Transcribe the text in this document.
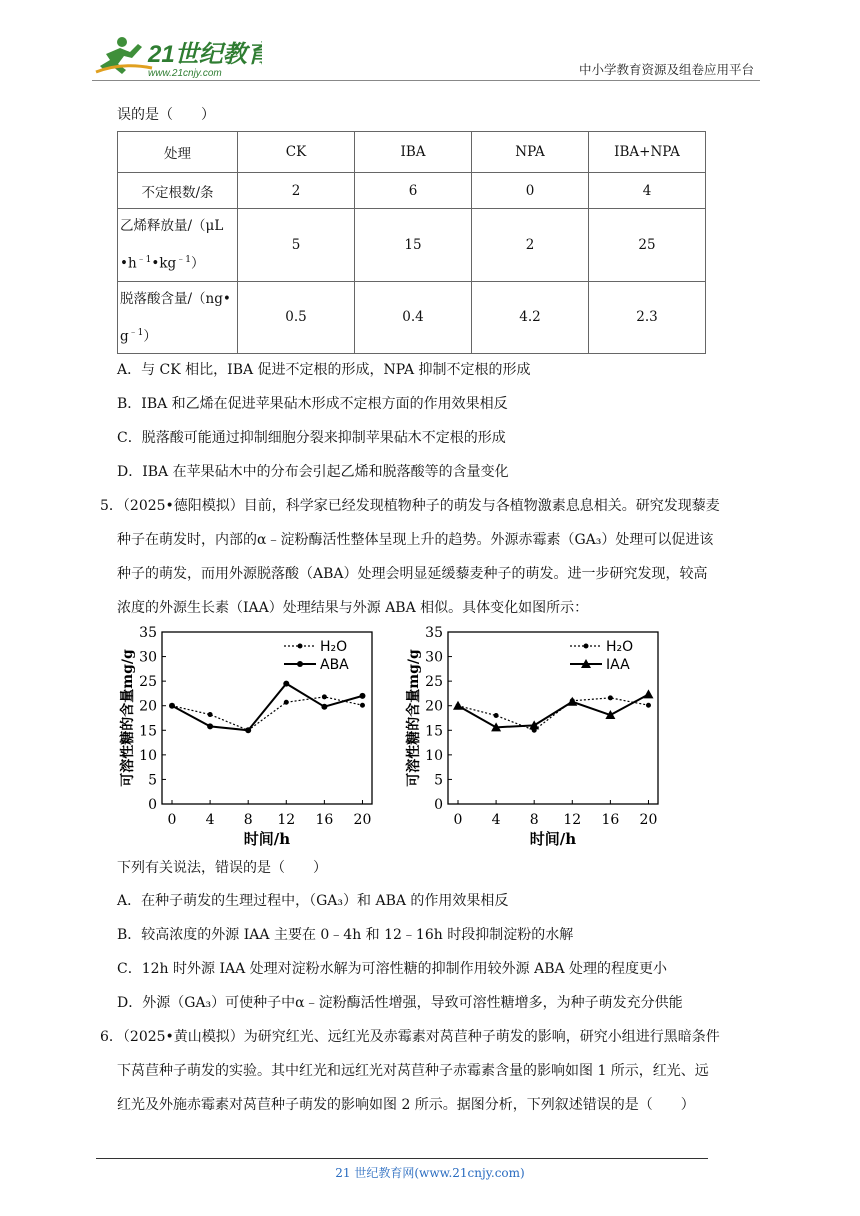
21世纪教育
www.21cnjy.com	中小学教育资源及组卷应用平台
误的是（　　）
处理	CK	IBA	NPA	IBA+NPA
不定根数/条	2	6	0	4
乙烯释放量/（μL
$•h^{﹣1}•kg^{﹣1}$）	5	15	2	25
脱落酸含量/（ng•
$g^{﹣1}$）	0.5	0.4	4.2	2.3
A．与 CK 相比，IBA 促进不定根的形成，NPA 抑制不定根的形成
B．IBA 和乙烯在促进苹果砧木形成不定根方面的作用效果相反
C．脱落酸可能通过抑制细胞分裂来抑制苹果砧木不定根的形成
D．IBA 在苹果砧木中的分布会引起乙烯和脱落酸等的含量变化
5．（2025•德阳模拟）目前，科学家已经发现植物种子的萌发与各植物激素息息相关。研究发现藜麦
种子在萌发时，内部的α﹣淀粉酶活性整体呈现上升的趋势。外源赤霉素（GA₃）处理可以促进该
种子的萌发，而用外源脱落酸（ABA）处理会明显延缓藜麦种子的萌发。进一步研究发现，较高
浓度的外源生长素（IAA）处理结果与外源 ABA 相似。具体变化如图所示：
0
5
10
15
20
25
30
35
0 4 8 12 16 20
时间/h
可溶性糖的含量mg/g
H₂O
ABA
0
5
10
15
20
25
30
35
0 4 8 12 16 20
时间/h
可溶性糖的含量mg/g
H₂O
IAA
下列有关说法，错误的是（　　）
A．在种子萌发的生理过程中，（GA₃）和 ABA 的作用效果相反
B．较高浓度的外源 IAA 主要在 0﹣4h 和 12﹣16h 时段抑制淀粉的水解
C．12h 时外源 IAA 处理对淀粉水解为可溶性糖的抑制作用较外源 ABA 处理的程度更小
D．外源（GA₃）可使种子中α﹣淀粉酶活性增强，导致可溶性糖增多，为种子萌发充分供能
6．（2025•黄山模拟）为研究红光、远红光及赤霉素对莴苣种子萌发的影响，研究小组进行黑暗条件
下莴苣种子萌发的实验。其中红光和远红光对莴苣种子赤霉素含量的影响如图 1 所示，红光、远
红光及外施赤霉素对莴苣种子萌发的影响如图 2 所示。据图分析，下列叙述错误的是（　　）
21 世纪教育网(www.21cnjy.com)
